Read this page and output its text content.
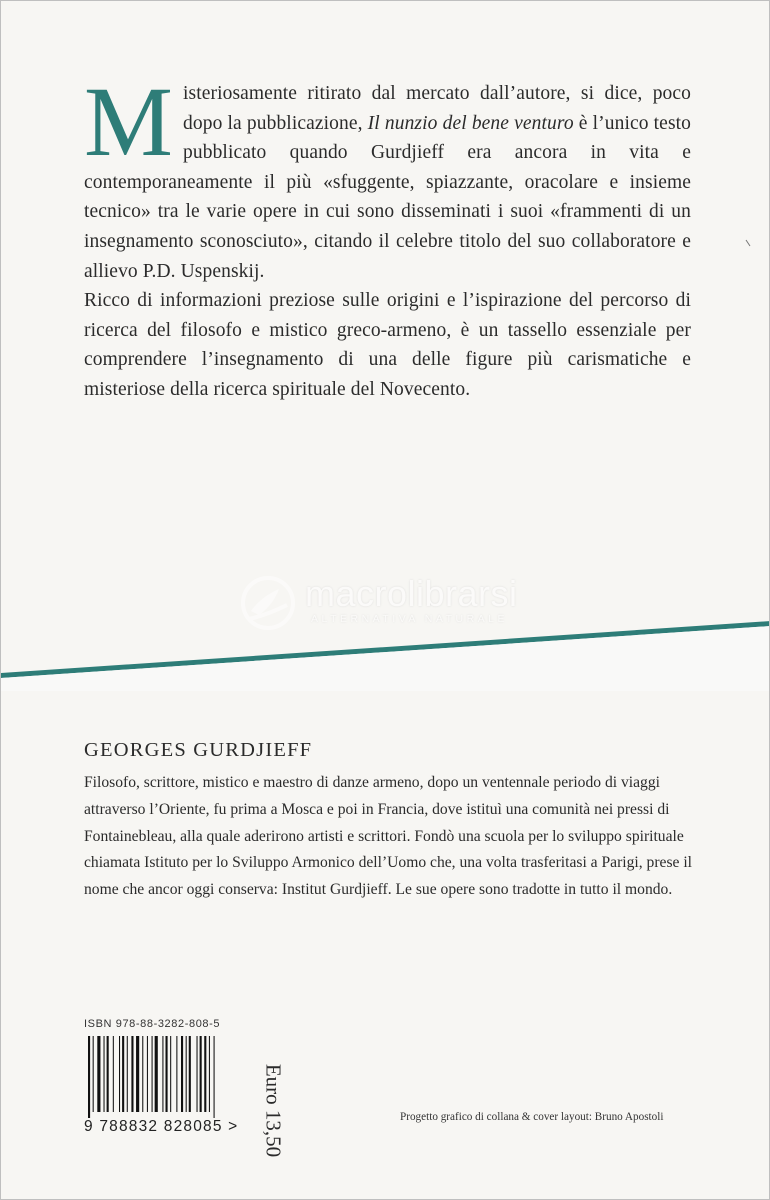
Misteriosamente ritirato dal mercato dall’autore, si dice, poco dopo la pubblicazione, Il nunzio del bene venturo è l’unico testo pubblicato quando Gurdjieff era ancora in vita e contemporaneamente il più «sfuggente, spiazzante, oracolare e insieme tecnico» tra le varie opere in cui sono disseminati i suoi «frammenti di un insegnamento sconosciuto», citando il celebre titolo del suo collaboratore e allievo P.D. Uspenskij.

Ricco di informazioni preziose sulle origini e l’ispirazione del percorso di ricerca del filosofo e mistico greco-armeno, è un tassello essenziale per comprendere l’insegnamento di una delle figure più carismatiche e misteriose della ricerca spirituale del Novecento.

macrolibrarsi
ALTERNATIVA NATURALE
GEORGES GURDJIEFF

Filosofo, scrittore, mistico e maestro di danze armeno, dopo un ventennale periodo di viaggi attraverso l’Oriente, fu prima a Mosca e poi in Francia, dove istituì una comunità nei pressi di Fontainebleau, alla quale aderirono artisti e scrittori. Fondò una scuola per lo sviluppo spirituale chiamata Istituto per lo Sviluppo Armonico dell’Uomo che, una volta trasferitasi a Parigi, prese il nome che ancor oggi conserva: Institut Gurdjieff. Le sue opere sono tradotte in tutto il mondo.

ISBN 978-88-3282-808-5
9 788832 828085 > Euro 13,50	Progetto grafico di collana & cover layout: Bruno Apostoli
